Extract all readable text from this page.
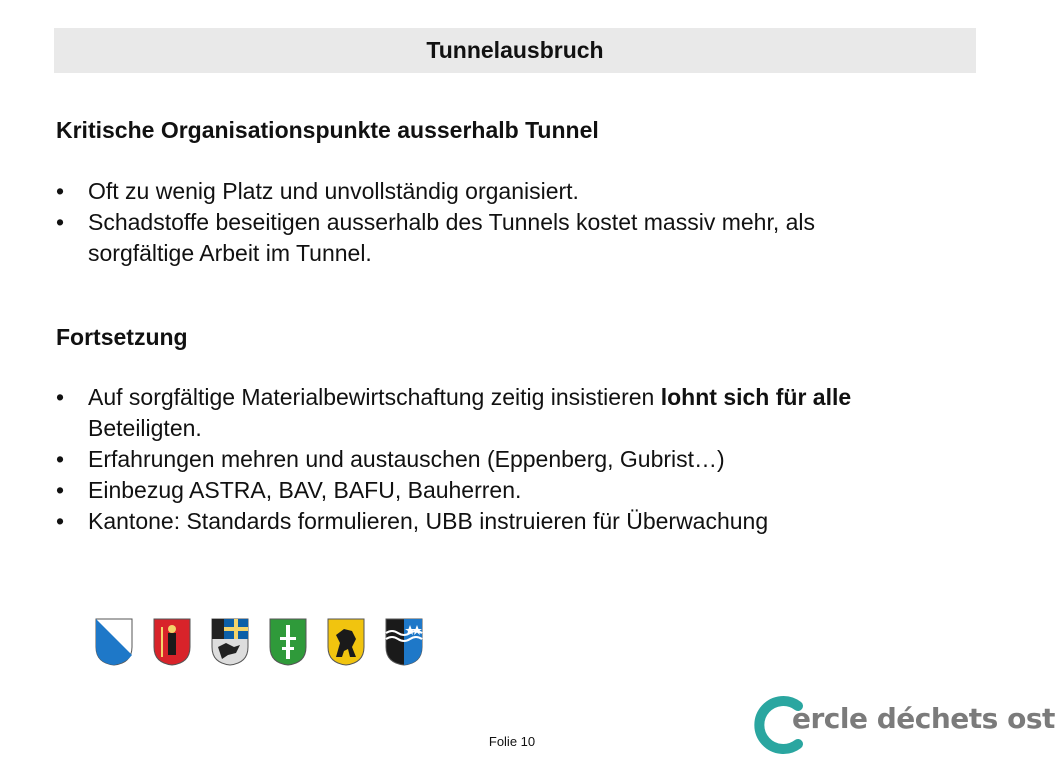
Tunnelausbruch

Kritische Organisationspunkte ausserhalb Tunnel

• Oft zu wenig Platz und unvollständig organisiert.
• Schadstoffe beseitigen ausserhalb des Tunnels kostet massiv mehr, als sorgfältige Arbeit im Tunnel.

Fortsetzung

• Auf sorgfältige Materialbewirtschaftung zeitig insistieren lohnt sich für alle Beteiligten.
• Erfahrungen mehren und austauschen (Eppenberg, Gubrist…)
• Einbezug ASTRA, BAV, BAFU, Bauherren.
• Kantone: Standards formulieren, UBB instruieren für Überwachung
Folie 10
ercle déchets ost
